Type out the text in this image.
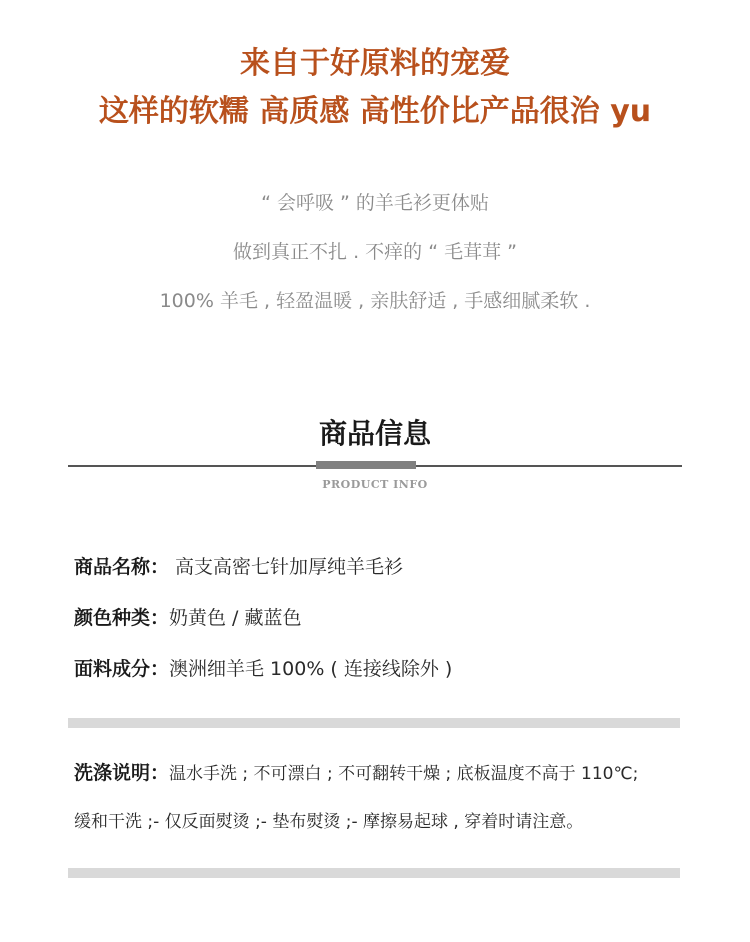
来自于好原料的宠爱
这样的软糯 高质感 高性价比产品很治 yu
“ 会呼吸 ” 的羊毛衫更体贴
做到真正不扎 . 不痒的 “ 毛茸茸 ”
100% 羊毛 , 轻盈温暖 , 亲肤舒适 , 手感细腻柔软 .
商品信息
PRODUCT INFO
商品名称： 高支高密七针加厚纯羊毛衫
颜色种类：奶黄色 / 藏蓝色
面料成分：澳洲细羊毛 100% ( 连接线除外 )
洗涤说明：温水手洗 ; 不可漂白 ; 不可翻转干燥 ; 底板温度不高于 110℃;
缓和干洗 ;- 仅反面熨烫 ;- 垫布熨烫 ;- 摩擦易起球 , 穿着时请注意。
